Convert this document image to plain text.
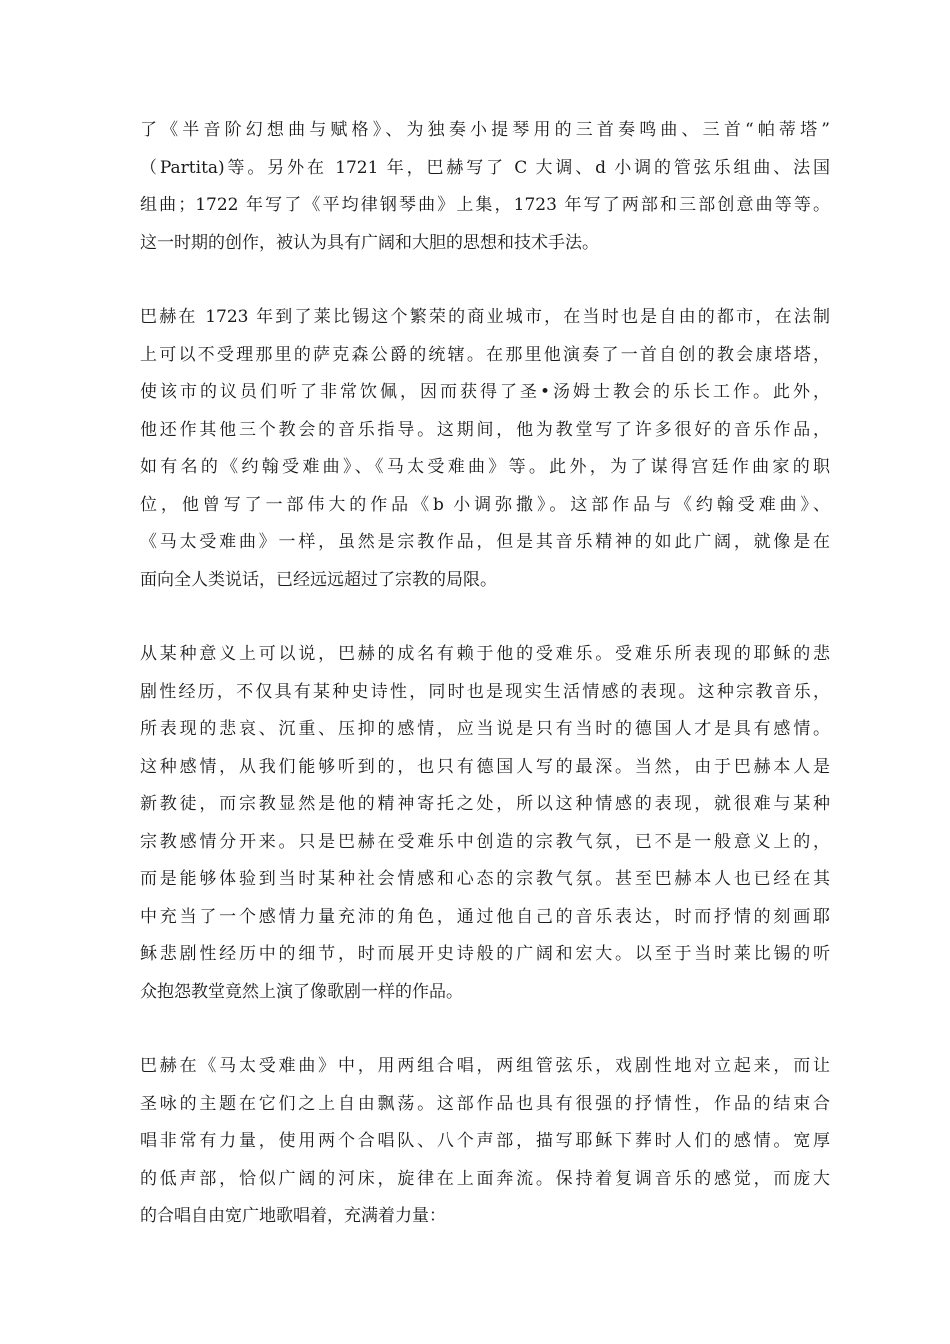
了《半音阶幻想曲与赋格》、为独奏小提琴用的三首奏鸣曲、三首“帕蒂塔”
（Partita)等。另外在 1721 年，巴赫写了 C 大调、d 小调的管弦乐组曲、法国
组曲；1722 年写了《平均律钢琴曲》上集，1723 年写了两部和三部创意曲等等。
这一时期的创作，被认为具有广阔和大胆的思想和技术手法。

巴赫在 1723 年到了莱比锡这个繁荣的商业城市，在当时也是自由的都市，在法制
上可以不受理那里的萨克森公爵的统辖。在那里他演奏了一首自创的教会康塔塔，
使该市的议员们听了非常饮佩，因而获得了圣•汤姆士教会的乐长工作。此外，
他还作其他三个教会的音乐指导。这期间，他为教堂写了许多很好的音乐作品，
如有名的《约翰受难曲》、《马太受难曲》等。此外，为了谋得宫廷作曲家的职
位，他曾写了一部伟大的作品《b 小调弥撒》。这部作品与《约翰受难曲》、
《马太受难曲》一样，虽然是宗教作品，但是其音乐精神的如此广阔，就像是在
面向全人类说话，已经远远超过了宗教的局限。

从某种意义上可以说，巴赫的成名有赖于他的受难乐。受难乐所表现的耶稣的悲
剧性经历，不仅具有某种史诗性，同时也是现实生活情感的表现。这种宗教音乐，
所表现的悲哀、沉重、压抑的感情，应当说是只有当时的德国人才是具有感情。
这种感情，从我们能够听到的，也只有德国人写的最深。当然，由于巴赫本人是
新教徒，而宗教显然是他的精神寄托之处，所以这种情感的表现，就很难与某种
宗教感情分开来。只是巴赫在受难乐中创造的宗教气氛，已不是一般意义上的，
而是能够体验到当时某种社会情感和心态的宗教气氛。甚至巴赫本人也已经在其
中充当了一个感情力量充沛的角色，通过他自己的音乐表达，时而抒情的刻画耶
稣悲剧性经历中的细节，时而展开史诗般的广阔和宏大。以至于当时莱比锡的听
众抱怨教堂竟然上演了像歌剧一样的作品。

巴赫在《马太受难曲》中，用两组合唱，两组管弦乐，戏剧性地对立起来，而让
圣咏的主题在它们之上自由飘荡。这部作品也具有很强的抒情性，作品的结束合
唱非常有力量，使用两个合唱队、八个声部，描写耶稣下葬时人们的感情。宽厚
的低声部，恰似广阔的河床，旋律在上面奔流。保持着复调音乐的感觉，而庞大
的合唱自由宽广地歌唱着，充满着力量：
